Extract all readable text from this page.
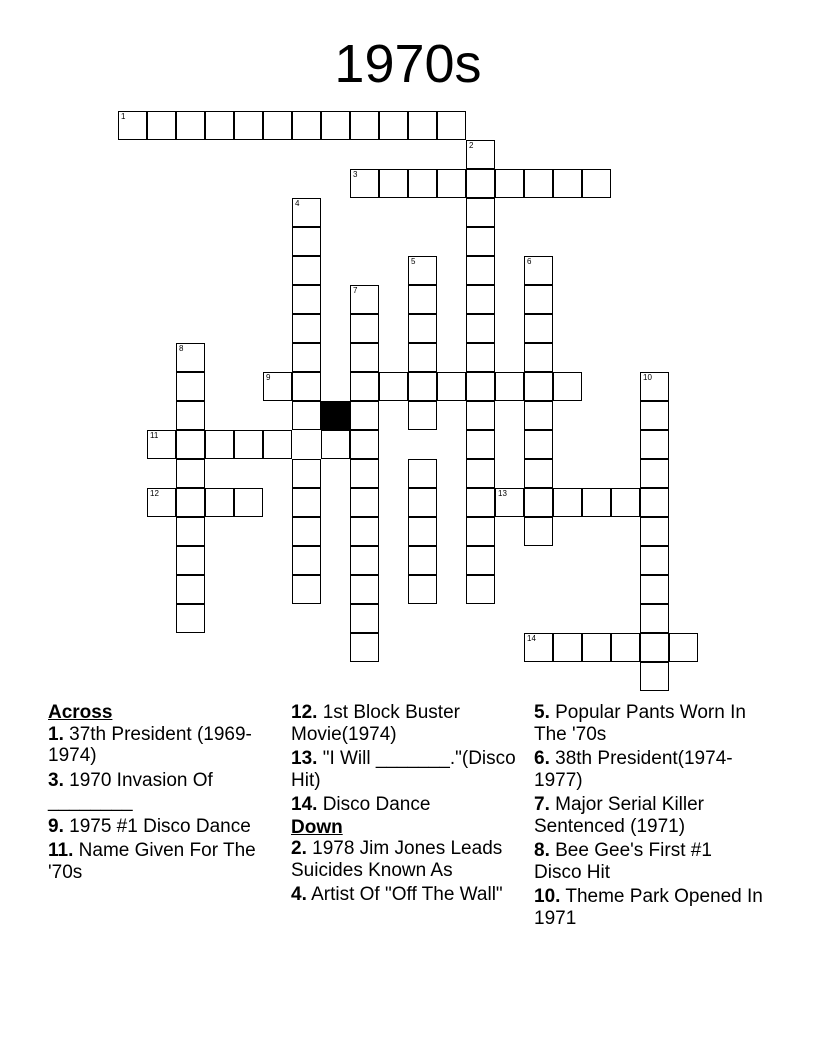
1970s
1
2
3
4
5	6
7
8
9	10
11
12	13
14
Across
1. 37th President (1969-1974)
3. 1970 Invasion Of ________
9. 1975 #1 Disco Dance
11. Name Given For The '70s
12. 1st Block Buster Movie(1974)
13. "I Will _______."(Disco Hit)
14. Disco Dance
Down
2. 1978 Jim Jones Leads Suicides Known As
4. Artist Of "Off The Wall"
5. Popular Pants Worn In The '70s
6. 38th President(1974-1977)
7. Major Serial Killer Sentenced (1971)
8. Bee Gee's First #1 Disco Hit
10. Theme Park Opened In 1971
